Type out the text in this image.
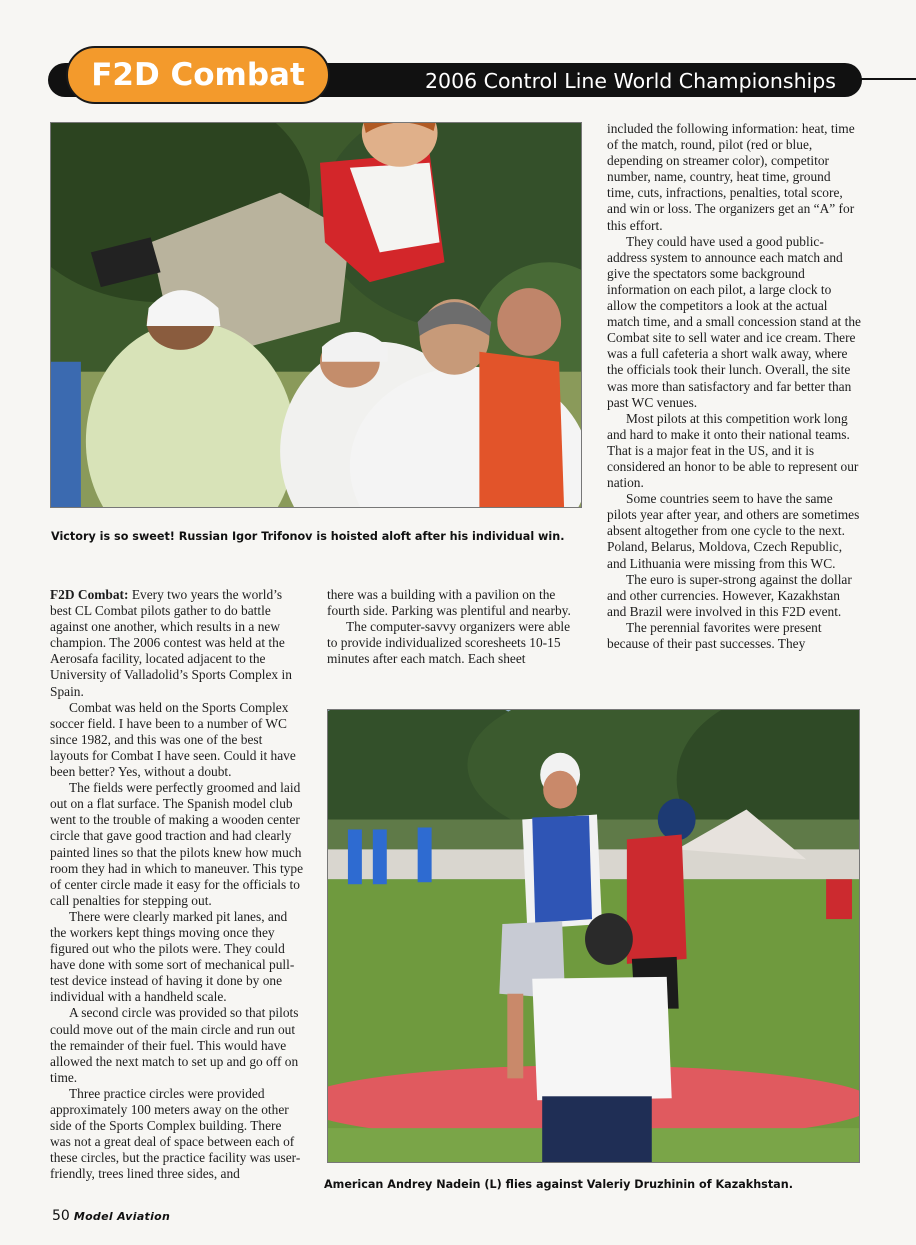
2006 Control Line World Championships
Victory is so sweet! Russian Igor Trifonov is hoisted aloft after his individual win.
F2D Combat

F2D Combat: Every two years the world’s best CL Combat pilots gather to do battle against one another, which results in a new champion. The 2006 contest was held at the Aerosafa facility, located adjacent to the University of Valladolid’s Sports Complex in Spain.

Combat was held on the Sports Complex soccer field. I have been to a number of WC since 1982, and this was one of the best layouts for Combat I have seen. Could it have been better? Yes, without a doubt.

The fields were perfectly groomed and laid out on a flat surface. The Spanish model club went to the trouble of making a wooden center circle that gave good traction and had clearly painted lines so that the pilots knew how much room they had in which to maneuver. This type of center circle made it easy for the officials to call penalties for stepping out.

There were clearly marked pit lanes, and the workers kept things moving once they figured out who the pilots were. They could have done with some sort of mechanical pull-test device instead of having it done by one individual with a handheld scale.

A second circle was provided so that pilots could move out of the main circle and run out the remainder of their fuel. This would have allowed the next match to set up and go off on time.

Three practice circles were provided approximately 100 meters away on the other side of the Sports Complex building. There was not a great deal of space between each of these circles, but the practice facility was user-friendly, trees lined three sides, and

there was a building with a pavilion on the fourth side. Parking was plentiful and nearby.

The computer-savvy organizers were able to provide individualized scoresheets 10-15 minutes after each match. Each sheet

included the following information: heat, time of the match, round, pilot (red or blue, depending on streamer color), competitor number, name, country, heat time, ground time, cuts, infractions, penalties, total score, and win or loss. The organizers get an “A” for this effort.

They could have used a good public-address system to announce each match and give the spectators some background information on each pilot, a large clock to allow the competitors a look at the actual match time, and a small concession stand at the Combat site to sell water and ice cream. There was a full cafeteria a short walk away, where the officials took their lunch. Overall, the site was more than satisfactory and far better than past WC venues.

Most pilots at this competition work long and hard to make it onto their national teams. That is a major feat in the US, and it is considered an honor to be able to represent our nation.

Some countries seem to have the same pilots year after year, and others are sometimes absent altogether from one cycle to the next. Poland, Belarus, Moldova, Czech Republic, and Lithuania were missing from this WC.

The euro is super-strong against the dollar and other currencies. However, Kazakhstan and Brazil were involved in this F2D event.

The perennial favorites were present because of their past successes. They

American Andrey Nadein (L) flies against Valeriy Druzhinin of Kazakhstan.
50 Model Aviation
